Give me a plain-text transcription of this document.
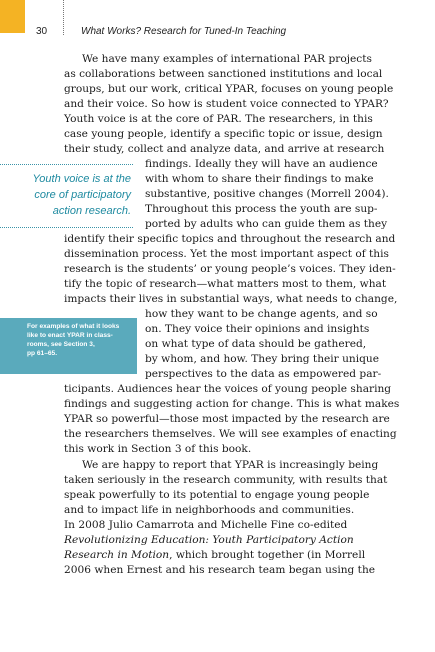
30	What Works? Research for Tuned-In Teaching
Youth voice is at the
core of participatory
action research.
For examples of what it looks
like to enact YPAR in class-
rooms, see Section 3,
pp 61–65.
We have many examples of international PAR projects
as collaborations between sanctioned institutions and local
groups, but our work, critical YPAR, focuses on young people
and their voice. So how is student voice connected to YPAR?
Youth voice is at the core of PAR. The researchers, in this
case young people, identify a specific topic or issue, design
their study, collect and analyze data, and arrive at research
findings. Ideally they will have an audience
with whom to share their findings to make
substantive, positive changes (Morrell 2004).
Throughout this process the youth are sup-
ported by adults who can guide them as they
identify their specific topics and throughout the research and
dissemination process. Yet the most important aspect of this
research is the students’ or young people’s voices. They iden-
tify the topic of research—what matters most to them, what
impacts their lives in substantial ways, what needs to change,
how they want to be change agents, and so
on. They voice their opinions and insights
on what type of data should be gathered,
by whom, and how. They bring their unique
perspectives to the data as empowered par-
ticipants. Audiences hear the voices of young people sharing
findings and suggesting action for change. This is what makes
YPAR so powerful—those most impacted by the research are
the researchers themselves. We will see examples of enacting
this work in Section 3 of this book.
We are happy to report that YPAR is increasingly being
taken seriously in the research community, with results that
speak powerfully to its potential to engage young people
and to impact life in neighborhoods and communities.
In 2008 Julio Camarrota and Michelle Fine co-edited
Revolutionizing Education: Youth Participatory Action
Research in Motion, which brought together (in Morrell
2006 when Ernest and his research team began using the
